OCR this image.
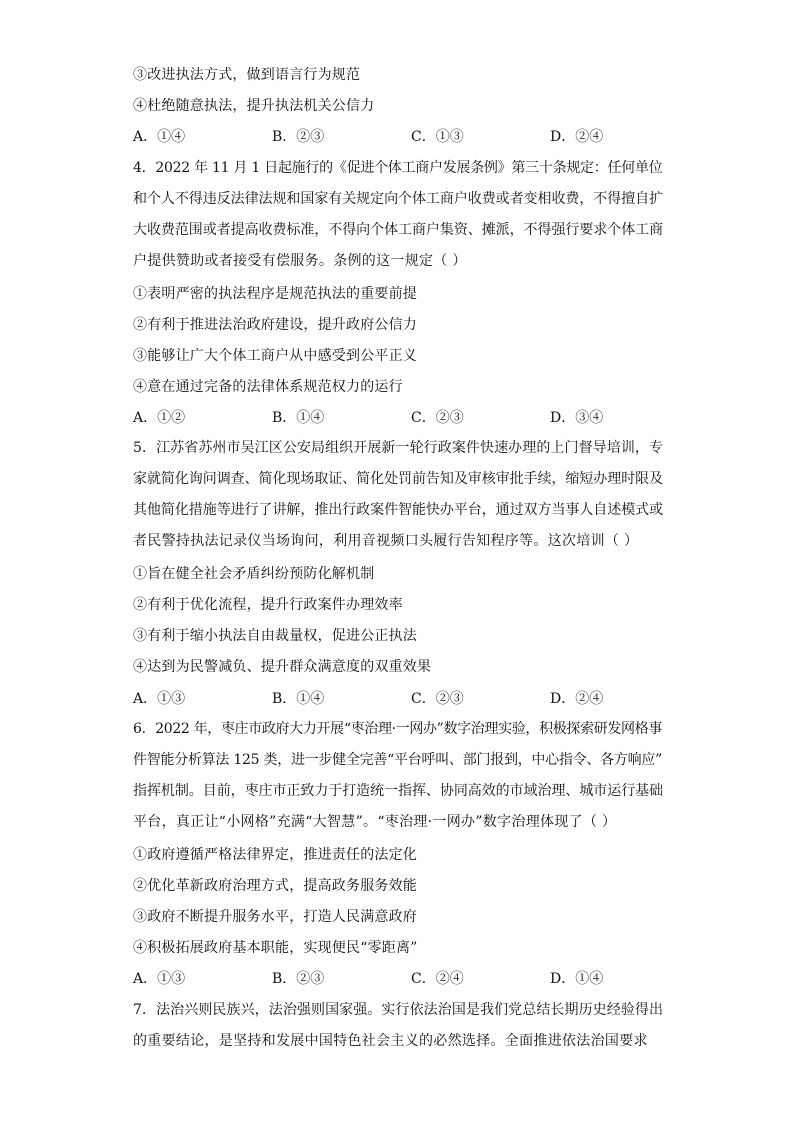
③改进执法方式，做到语言行为规范
④杜绝随意执法，提升执法机关公信力
A．①④	B．②③	C．①③	D．②④
4．2022 年 11 月 1 日起施行的《促进个体工商户发展条例》第三十条规定：任何单位
和个人不得违反法律法规和国家有关规定向个体工商户收费或者变相收费，不得擅自扩
大收费范围或者提高收费标准，不得向个体工商户集资、摊派，不得强行要求个体工商
户提供赞助或者接受有偿服务。条例的这一规定（ ）
①表明严密的执法程序是规范执法的重要前提
②有利于推进法治政府建设，提升政府公信力
③能够让广大个体工商户从中感受到公平正义
④意在通过完备的法律体系规范权力的运行
A．①②	B．①④	C．②③	D．③④
5．江苏省苏州市吴江区公安局组织开展新一轮行政案件快速办理的上门督导培训，专
家就简化询问调查、简化现场取证、简化处罚前告知及审核审批手续，缩短办理时限及
其他简化措施等进行了讲解，推出行政案件智能快办平台，通过双方当事人自述模式或
者民警持执法记录仪当场询问，利用音视频口头履行告知程序等。这次培训（ ）
①旨在健全社会矛盾纠纷预防化解机制
②有利于优化流程，提升行政案件办理效率
③有利于缩小执法自由裁量权，促进公正执法
④达到为民警减负、提升群众满意度的双重效果
A．①③	B．①④	C．②③	D．②④
6．2022 年，枣庄市政府大力开展“枣治理·一网办”数字治理实验，积极探索研发网格事
件智能分析算法 125 类，进一步健全完善“平台呼叫、部门报到，中心指令、各方响应”
指挥机制。目前，枣庄市正致力于打造统一指挥、协同高效的市域治理、城市运行基础
平台，真正让“小网格”充满“大智慧”。“枣治理·一网办”数字治理体现了（ ）
①政府遵循严格法律界定，推进责任的法定化
②优化革新政府治理方式，提高政务服务效能
③政府不断提升服务水平，打造人民满意政府
④积极拓展政府基本职能，实现便民“零距离”
A．①③	B．②③	C．②④	D．①④
7．法治兴则民族兴，法治强则国家强。实行依法治国是我们党总结长期历史经验得出
的重要结论，是坚持和发展中国特色社会主义的必然选择。全面推进依法治国要求
